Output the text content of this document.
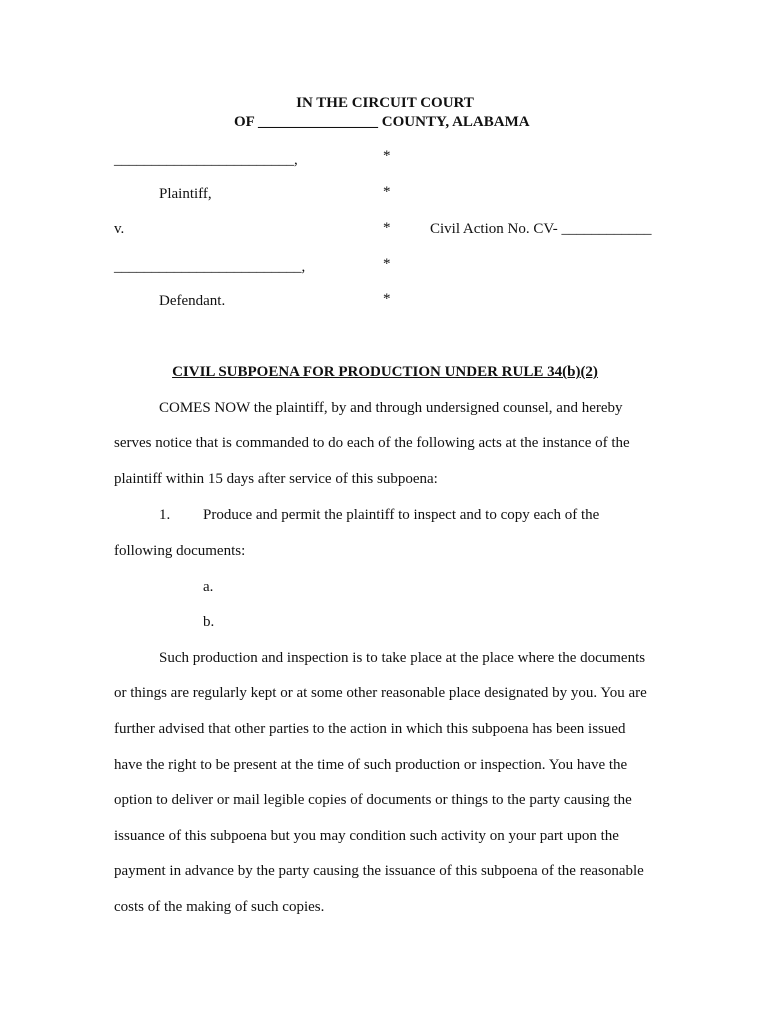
IN THE CIRCUIT COURT
OF ________________ COUNTY, ALABAMA
________________________,	*
Plaintiff,	*
v.	*	Civil Action No. CV- ____________
_________________________,	*
Defendant.	*
CIVIL SUBPOENA FOR PRODUCTION UNDER RULE 34(b)(2)
COMES NOW the plaintiff, by and through undersigned counsel, and hereby
serves notice that is commanded to do each of the following acts at the instance of the
plaintiff within 15 days after service of this subpoena:
1. Produce and permit the plaintiff to inspect and to copy each of the
following documents:
a.
b.
Such production and inspection is to take place at the place where the documents
or things are regularly kept or at some other reasonable place designated by you. You are
further advised that other parties to the action in which this subpoena has been issued
have the right to be present at the time of such production or inspection. You have the
option to deliver or mail legible copies of documents or things to the party causing the
issuance of this subpoena but you may condition such activity on your part upon the
payment in advance by the party causing the issuance of this subpoena of the reasonable
costs of the making of such copies.
